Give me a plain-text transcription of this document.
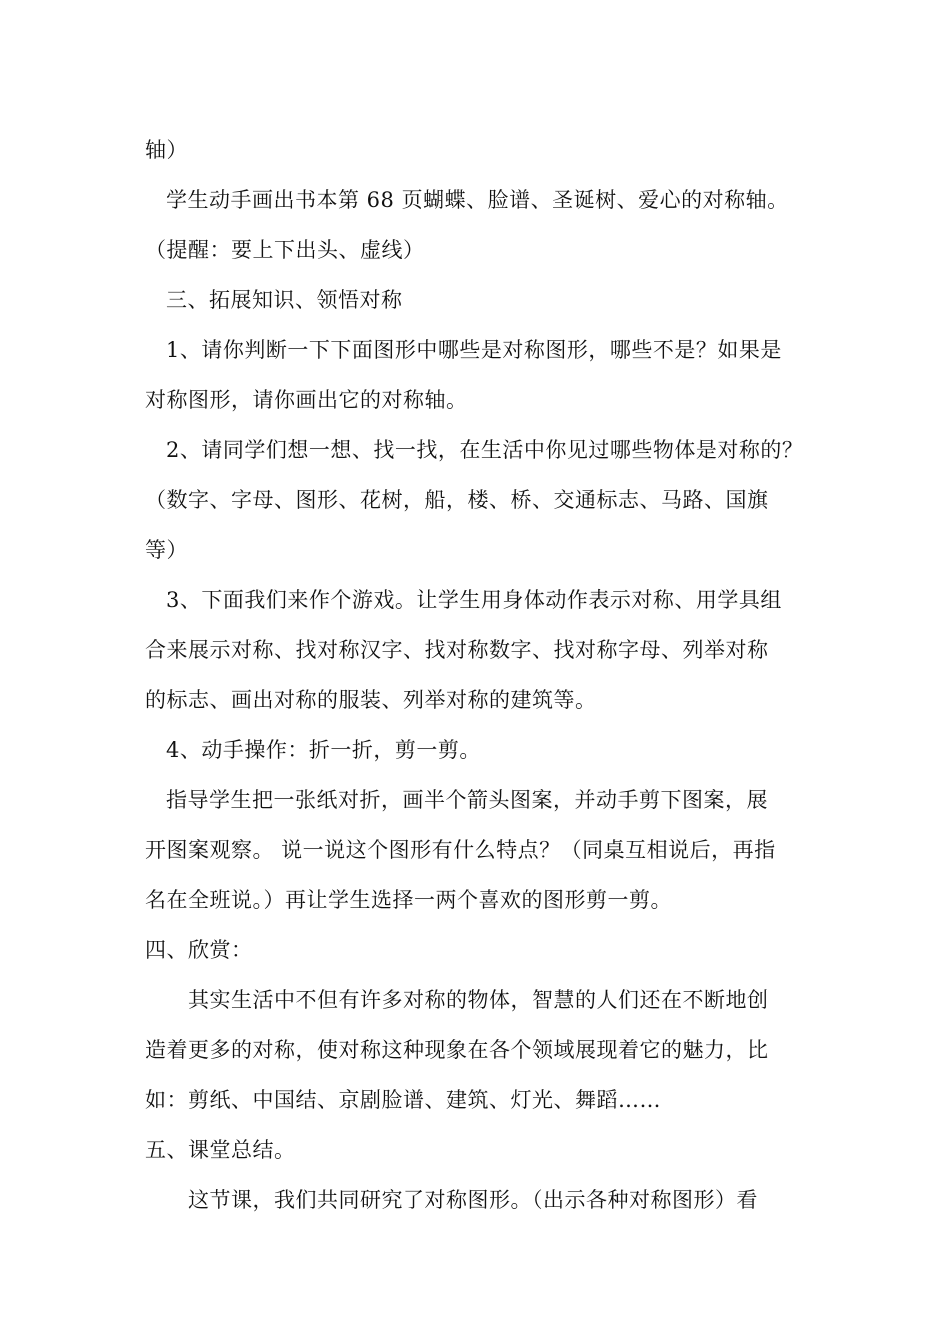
轴）
学生动手画出书本第 68 页蝴蝶、脸谱、圣诞树、爱心的对称轴。
（提醒：要上下出头、虚线）
三、拓展知识、领悟对称
1、请你判断一下下面图形中哪些是对称图形，哪些不是？如果是
对称图形，请你画出它的对称轴。
2、请同学们想一想、找一找，在生活中你见过哪些物体是对称的？
（数字、字母、图形、花树，船，楼、桥、交通标志、马路、国旗
等）
3、下面我们来作个游戏。让学生用身体动作表示对称、用学具组
合来展示对称、找对称汉字、找对称数字、找对称字母、列举对称
的标志、画出对称的服装、列举对称的建筑等。
4、动手操作：折一折，剪一剪。
指导学生把一张纸对折，画半个箭头图案，并动手剪下图案，展
开图案观察。 说一说这个图形有什么特点？（同桌互相说后，再指
名在全班说。）再让学生选择一两个喜欢的图形剪一剪。
四、欣赏：
其实生活中不但有许多对称的物体，智慧的人们还在不断地创
造着更多的对称，使对称这种现象在各个领域展现着它的魅力，比
如：剪纸、中国结、京剧脸谱、建筑、灯光、舞蹈……
五、课堂总结。
这节课，我们共同研究了对称图形。（出示各种对称图形）看
